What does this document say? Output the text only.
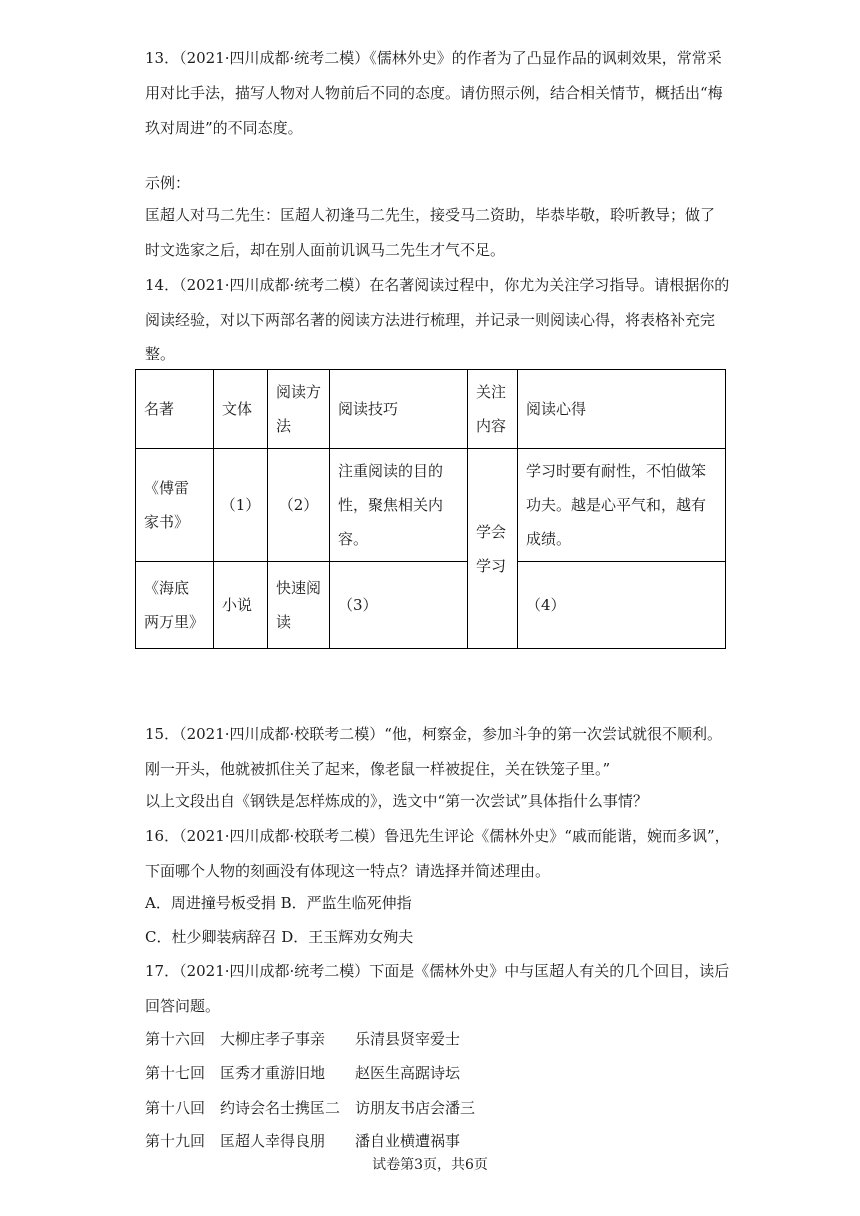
13．（2021·四川成都·统考二模）《儒林外史》的作者为了凸显作品的讽刺效果，常常采

用对比手法，描写人物对人物前后不同的态度。请仿照示例，结合相关情节，概括出“梅

玖对周进”的不同态度。

示例：

匡超人对马二先生：匡超人初逢马二先生，接受马二资助，毕恭毕敬，聆听教导；做了

时文选家之后，却在别人面前讥讽马二先生才气不足。

14．（2021·四川成都·统考二模）在名著阅读过程中，你尤为关注学习指导。请根据你的

阅读经验，对以下两部名著的阅读方法进行梳理，并记录一则阅读心得，将表格补充完

整。

名著	文体	阅读方
法	阅读技巧	关注
内容	阅读心得
《傅雷
家书》	（1）	（2）	注重阅读的目的
性，聚焦相关内
容。	学会
学习	学习时要有耐性，不怕做笨
功夫。越是心平气和，越有
成绩。
《海底
两万里》	小说	快速阅
读	（3）		（4）

15．（2021·四川成都·校联考二模）“他，柯察金，参加斗争的第一次尝试就很不顺利。

刚一开头，他就被抓住关了起来，像老鼠一样被捉住，关在铁笼子里。”

以上文段出自《钢铁是怎样炼成的》，选文中“第一次尝试”具体指什么事情？

16．（2021·四川成都·校联考二模）鲁迅先生评论《儒林外史》“戚而能谐，婉而多讽”，

下面哪个人物的刻画没有体现这一特点？请选择并简述理由。

A．周进撞号板受捐 B．严监生临死伸指

C．杜少卿装病辞召 D．王玉辉劝女殉夫

17．（2021·四川成都·统考二模）下面是《儒林外史》中与匡超人有关的几个回目，读后

回答问题。

第十六回　大柳庄孝子事亲　　乐清县贤宰爱士
第十七回　匡秀才重游旧地　　赵医生高踞诗坛
第十八回　约诗会名士携匡二　访朋友书店会潘三
第十九回　匡超人幸得良朋　　潘自业横遭祸事
试卷第3页，共6页
